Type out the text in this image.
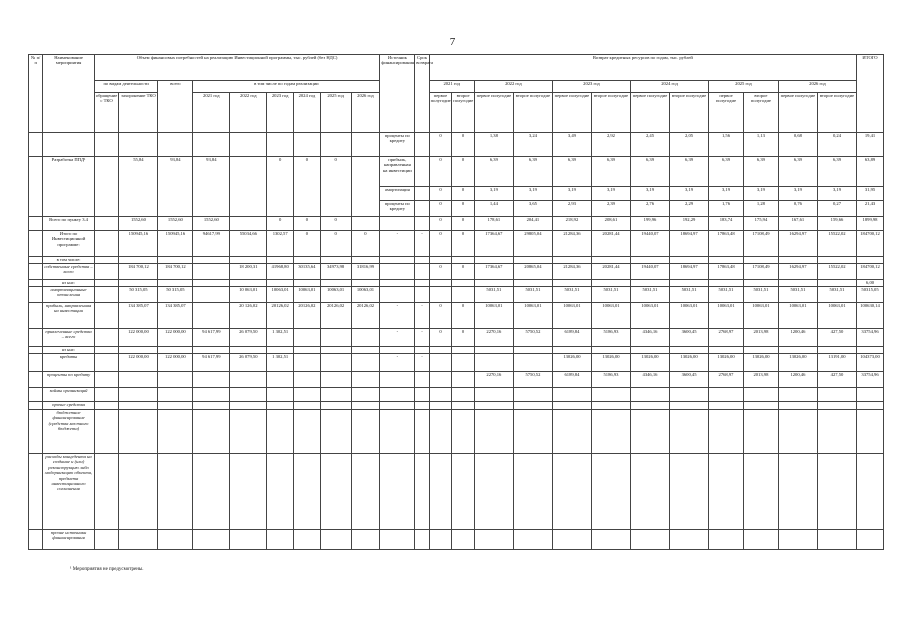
7
№ п/п	Наименование мероприятия	Объем финансовых потребностей на реализацию Инвестиционной программы, тыс. рублей (без НДС)									Источник финансирования	Срок возврата	Возврат кредитных ресурсов по годам, тыс. рублей												ИТОГО
		по видам деятельности		всего	в том числе по годам реализации								2021 год		2022 год		2023 год		2024 год		2025 год		2026 год		
		обращение с ТКО	захоронение ТКО		2021 год	2022 год	2023 год	2024 год	2025 год	2026 год			первое полугодие	второе полугодие	первое полугодие	второе полугодие	первое полугодие	второе полугодие	первое полугодие	второе полугодие	первое полугодие	второе полугодие	первое полугодие	второе полугодие	
											проценты по кредиту		0	0	1,38	3,24	3,49	2,92	2,45	2,05	1,56	1,13	0,68	0,24	19,41
	Разработка ППД¹		55,84	93,84	93,84		0	0	0		прибыль, направленная на инвестиции		0	0	6,39	6,39	6,39	6,39	6,39	6,39	6,39	6,39	6,39	6,39	63,89
											амортизация		0	0	3,19	3,19	3,19	3,19	3,19	3,19	3,19	3,19	3,19	3,19	31,95
											проценты по кредиту		0	0	1,44	3,65	2,93	2,39	2,76	2,29	1,76	1,28	0,76	0,27	21,43
	Всего по пункту 3.4		1552,60	1552,60	1552,60		0	0	0				0	0	178,61	204,41	218,92	208,61	199,96	192,29	183,74	175,94	167,61	159,66	1899,98
	Итого по Инвестиционной программе:		150945,16	150945,16	94617,99	55034,66	1302,57	0	0	0	-	-	0	0	17364,67	29805,04	21284,36	20281,44	19440,07	18694,97	17863,48	17108,49	16294,97	15522,02	184700,12
	в том числе:																								
	собственные средства – всего		184 700,12	184 700,12		18 200,31	41968,80	30135,64	34973,98	31816,99			0	0	17364,67	20865,04	21284,36	20281,44	19440,07	18694,97	17863,48	17108,49	16294,97	15522,02	184700,12
	из них:																								6,00
	амортизационные отчисления		50 315,05	50 315,05		10 063,01	10063,01	10063,01	10063,01	10063,01					5031,51	5031,51	5031,51	5031,51	5031,51	5031,51	5031,51	5031,51	5031,51	5031,51	50315,05
	прибыль, направленная на инвестиции		134 385,07	134 385,07		20 126,02	20126,02	20126,02	20126,02	20126,02	-	-	0	0	10063,01	10063,01	10063,01	10063,01	10063,01	10063,01	10063,01	10063,01	10063,01	10063,01	100630,14
	привлеченные средства – всего		122 000,00	122 000,00	94 617,99	26 079,50	1 302,51				-	-	0	0	2270,16	5750,52	6189,84	5186,93	4346,16	3600,45	2768,97	2013,98	1200,46	427,50	33754,96
	из них:																								
	кредиты		122 000,00	122 000,00	94 617,99	26 079,50	1 302,51				-	-					13026,00	13026,00	13026,00	13026,00	13026,00	13026,00	13026,00	13191,00	104373,00
	проценты по кредиту														2270,16	5750,52	6189,84	5186,93	4346,16	3600,45	2768,97	2013,98	1200,46	427,50	33754,96
	займы организаций																								
	прочие средства																								
	бюджетное финансирование (средства местного бюджета)																								
	расходы концедента на создание и (или) реконструкцию либо модернизацию объекта, предмета инвестиционного соглашения																								
	прочие источники финансирования																								
¹ Мероприятия не предусмотрены.
